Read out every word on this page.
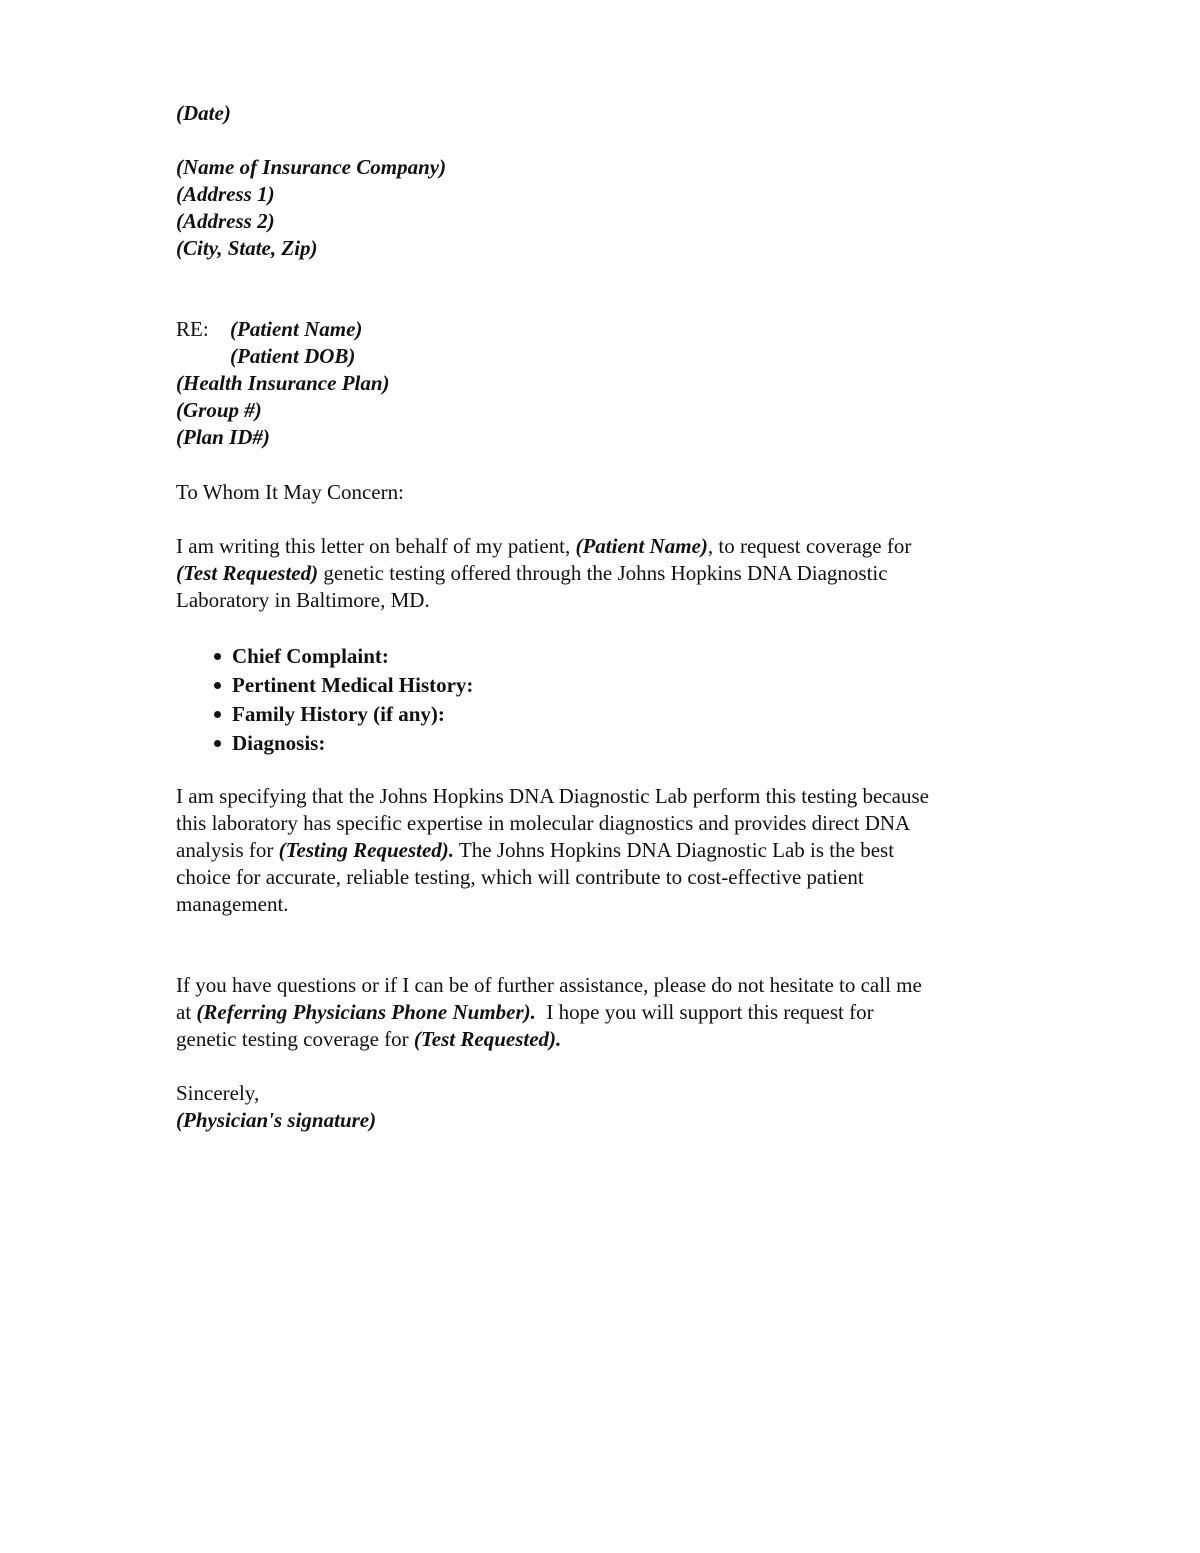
(Date)
(Name of Insurance Company)
(Address 1)
(Address 2)
(City, State, Zip)
RE: (Patient Name)
(Patient DOB)
(Health Insurance Plan)
(Group #)
(Plan ID#)
To Whom It May Concern:
I am writing this letter on behalf of my patient, (Patient Name), to request coverage for
(Test Requested) genetic testing offered through the Johns Hopkins DNA Diagnostic
Laboratory in Baltimore, MD.
Chief Complaint:
Pertinent Medical History:
Family History (if any):
Diagnosis:
I am specifying that the Johns Hopkins DNA Diagnostic Lab perform this testing because
this laboratory has specific expertise in molecular diagnostics and provides direct DNA
analysis for (Testing Requested). The Johns Hopkins DNA Diagnostic Lab is the best
choice for accurate, reliable testing, which will contribute to cost-effective patient
management.
If you have questions or if I can be of further assistance, please do not hesitate to call me
at (Referring Physicians Phone Number).  I hope you will support this request for
genetic testing coverage for (Test Requested).
Sincerely,
(Physician's signature)
